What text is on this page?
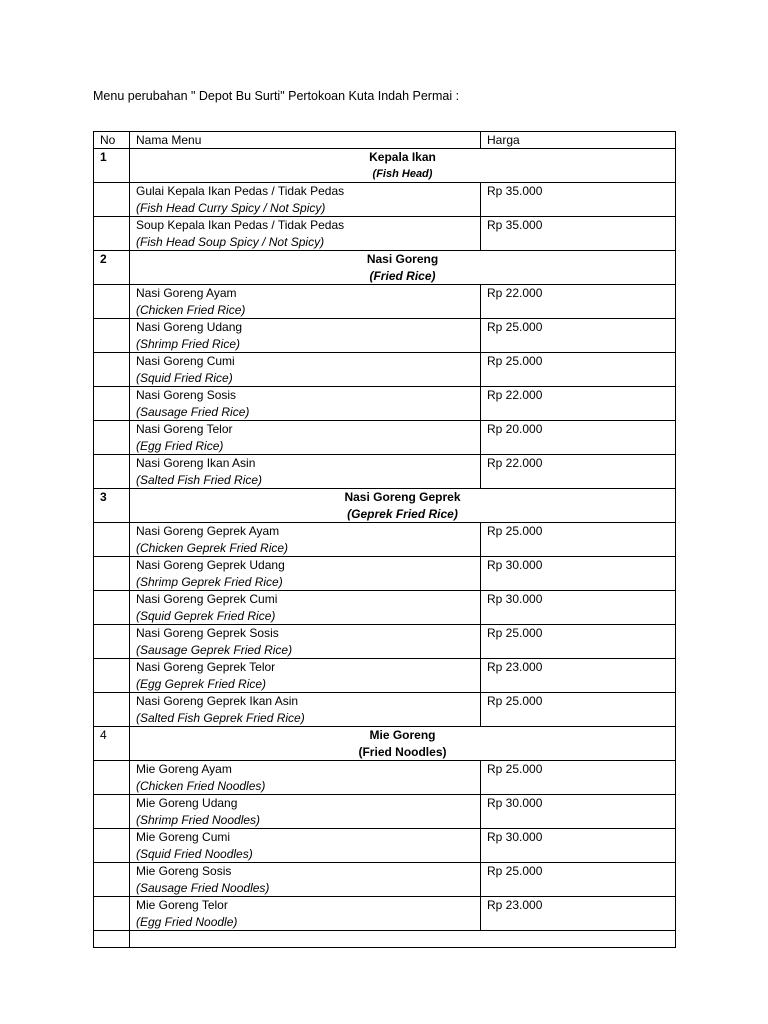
Menu perubahan " Depot Bu Surti" Pertokoan Kuta Indah Permai :
No	Nama Menu	Harga
1	Kepala Ikan
(Fish Head)	

	Gulai Kepala Ikan Pedas / Tidak Pedas
(Fish Head Curry Spicy / Not Spicy)	Rp 35.000

	Soup Kepala Ikan Pedas / Tidak Pedas
(Fish Head Soup Spicy / Not Spicy)	Rp 35.000
2	Nasi Goreng
(Fried Rice)	

	Nasi Goreng Ayam
(Chicken Fried Rice)	Rp 22.000

	Nasi Goreng Udang
(Shrimp Fried Rice)	Rp 25.000

	Nasi Goreng Cumi
(Squid Fried Rice)	Rp 25.000

	Nasi Goreng Sosis
(Sausage Fried Rice)	Rp 22.000

	Nasi Goreng Telor
(Egg Fried Rice)	Rp 20.000

	Nasi Goreng Ikan Asin
(Salted Fish Fried Rice)	Rp 22.000
3	Nasi Goreng Geprek
(Geprek Fried Rice)	

	Nasi Goreng Geprek Ayam
(Chicken Geprek Fried Rice)	Rp 25.000

	Nasi Goreng Geprek Udang
(Shrimp Geprek Fried Rice)	Rp 30.000

	Nasi Goreng Geprek Cumi
(Squid Geprek Fried Rice)	Rp 30.000

	Nasi Goreng Geprek Sosis
(Sausage Geprek Fried Rice)	Rp 25.000

	Nasi Goreng Geprek Telor
(Egg Geprek Fried Rice)	Rp 23.000

	Nasi Goreng Geprek Ikan Asin
(Salted Fish Geprek Fried Rice)	Rp 25.000
4	Mie Goreng
(Fried Noodles)	

	Mie Goreng Ayam
(Chicken Fried Noodles)	Rp 25.000

	Mie Goreng Udang
(Shrimp Fried Noodles)	Rp 30.000

	Mie Goreng Cumi
(Squid Fried Noodles)	Rp 30.000

	Mie Goreng Sosis
(Sausage Fried Noodles)	Rp 25.000

	Mie Goreng Telor
(Egg Fried Noodle)	Rp 23.000
